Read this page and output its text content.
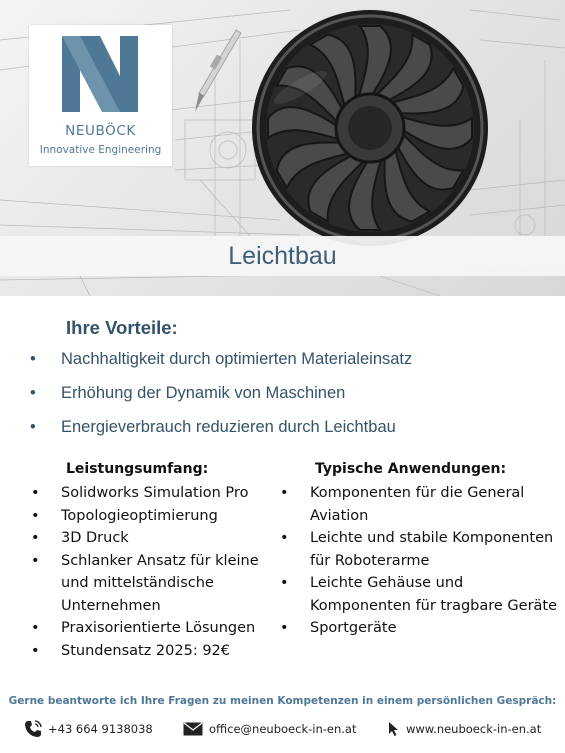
NEUBÖCK
Innovative Engineering
Leichtbau
Ihre Vorteile:
• Nachhaltigkeit durch optimierten Materialeinsatz
• Erhöhung der Dynamik von Maschinen
• Energieverbrauch reduzieren durch Leichtbau
Leistungsumfang:
• Solidworks Simulation Pro
• Topologieoptimierung
• 3D Druck
• Schlanker Ansatz für kleine und mittelständische Unternehmen
• Praxisorientierte Lösungen
• Stundensatz 2025: 92€
Typische Anwendungen:
• Komponenten für die General Aviation
• Leichte und stabile Komponenten für Roboterarme
• Leichte Gehäuse und Komponenten für tragbare Geräte
• Sportgeräte
Gerne beantworte ich Ihre Fragen zu meinen Kompetenzen in einem persönlichen Gespräch:
+43 664 9138038	office@neuboeck-in-en.at	www.neuboeck-in-en.at
